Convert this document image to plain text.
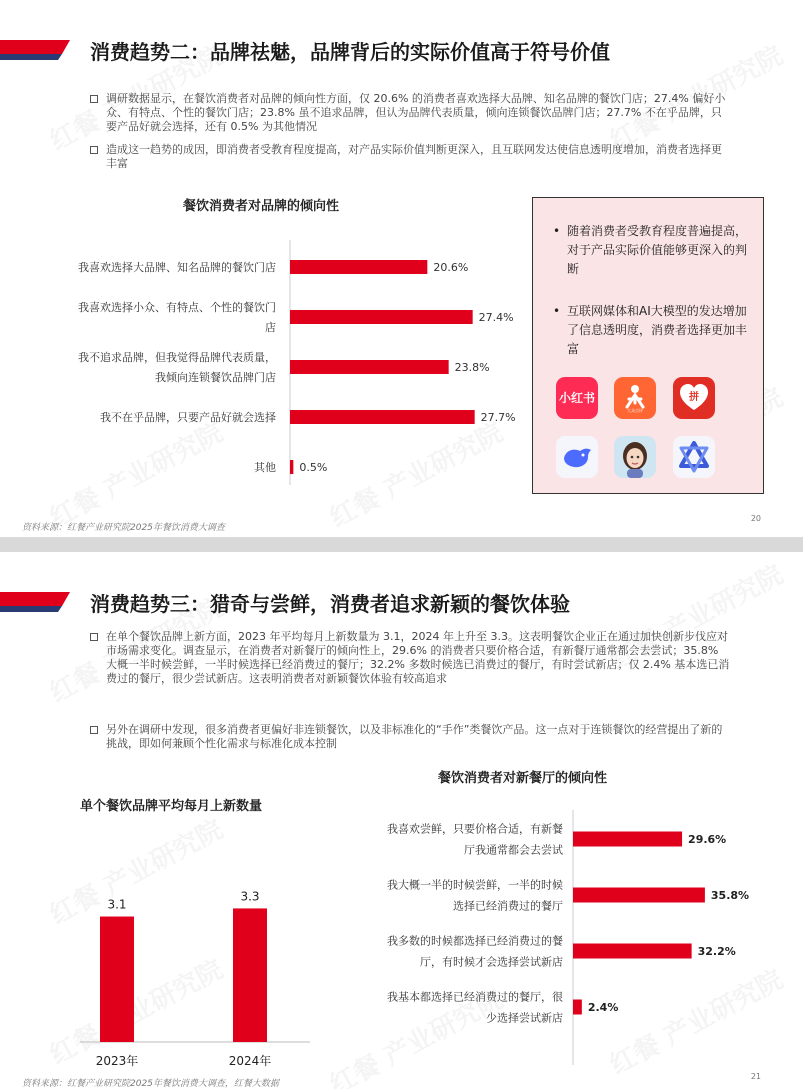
消费趋势二：品牌祛魅，品牌背后的实际价值高于符号价值
调研数据显示，在餐饮消费者对品牌的倾向性方面，仅 20.6% 的消费者喜欢选择大品牌、知名品牌的餐饮门店；27.4% 偏好小众、有特点、个性的餐饮门店；23.8% 虽不追求品牌，但认为品牌代表质量，倾向连锁餐饮品牌门店；27.7% 不在乎品牌，只要产品好就会选择，还有 0.5% 为其他情况
造成这一趋势的成因，即消费者受教育程度提高，对产品实际价值判断更深入，且互联网发达使信息透明度增加，消费者选择更丰富
餐饮消费者对品牌的倾向性
20.6%
我喜欢选择大品牌、知名品牌的餐饮门店
27.4%
我喜欢选择小众、有特点、个性的餐饮门
店
23.8%
我不追求品牌，但我觉得品牌代表质量，
我倾向连锁餐饮品牌门店
27.7%
我不在乎品牌，只要产品好就会选择
0.5%
其他
• 随着消费者受教育程度普遍提高，对于产品实际价值能够更深入的判断
• 互联网媒体和AI大模型的发达增加了信息透明度，消费者选择更加丰富
小红书
大众点评
拼
资料来源：红餐产业研究院2025年餐饮消费大调查
20
消费趋势三：猎奇与尝鲜，消费者追求新颖的餐饮体验
在单个餐饮品牌上新方面，2023 年平均每月上新数量为 3.1，2024 年上升至 3.3。这表明餐饮企业正在通过加快创新步伐应对市场需求变化。调查显示，在消费者对新餐厅的倾向性上，29.6% 的消费者只要价格合适，有新餐厅通常都会去尝试；35.8% 大概一半时候尝鲜，一半时候选择已经消费过的餐厅；32.2% 多数时候选已消费过的餐厅，有时尝试新店；仅 2.4% 基本选已消费过的餐厅，很少尝试新店。这表明消费者对新颖餐饮体验有较高追求
另外在调研中发现，很多消费者更偏好非连锁餐饮，以及非标准化的“手作”类餐饮产品。这一点对于连锁餐饮的经营提出了新的挑战，即如何兼顾个性化需求与标准化成本控制
单个餐饮品牌平均每月上新数量
3.1
2023年
3.3
2024年
餐饮消费者对新餐厅的倾向性
29.6%
我喜欢尝鲜，只要价格合适，有新餐
厅我通常都会去尝试
35.8%
我大概一半的时候尝鲜，一半的时候
选择已经消费过的餐厅
32.2%
我多数的时候都选择已经消费过的餐
厅，有时候才会选择尝试新店
2.4%
我基本都选择已经消费过的餐厅，很
少选择尝试新店
资料来源：红餐产业研究院2025年餐饮消费大调查，红餐大数据
21
